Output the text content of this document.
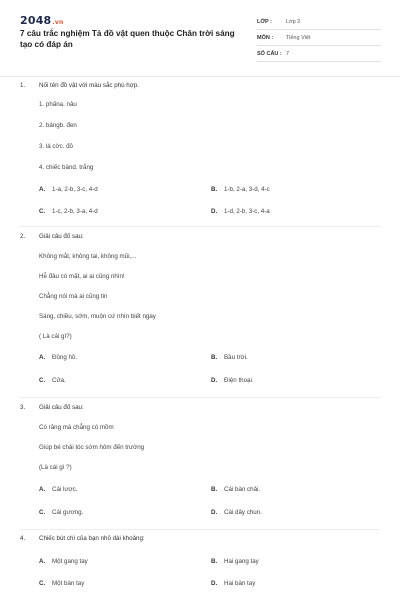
2048.vn
7 câu trắc nghiệm Tả đồ vật quen thuộc Chân trời sáng tạo có đáp án
LỚP :	Lớp 2
MÔN :	Tiếng Việt
SỐ CÂU : 7
1.	Nối tên đồ vật với màu sắc phù hợp.
1. phấna. nâu
2. bảngb. đen
3. lá cờc. đỏ
4. chiếc bànd. trắng
A. 1-a, 2-b, 3-c, 4-d	B. 1-b, 2-a, 3-d, 4-c
C. 1-c, 2-b, 3-a, 4-d	D. 1-d, 2-b, 3-c, 4-a
2.	Giải câu đố sau:
Không mắt, không tai, không mũi,...
Hễ đâu có mặt, ai ai cũng nhìn!
Chẳng nói mà ai cũng tin
Sáng, chiều, sớm, muộn cứ nhìn biết ngay
( Là cái gì?)
A. Đồng hồ.	B. Bầu trời.
C. Cửa.	D. Điện thoại.
3.	Giải câu đố sau:
Có răng mà chẳng có mồm
Giúp bé chải tóc sớm hôm đến trường
(Là cái gì ?)
A. Cái lược.	B. Cái bàn chải.
C. Cái gương.	D. Cái dây chun.
4.	Chiếc bút chì của bạn nhỏ dài khoảng:
A. Một gang tay	B. Hai gang tay
C. Một bàn tay	D. Hai bàn tay
